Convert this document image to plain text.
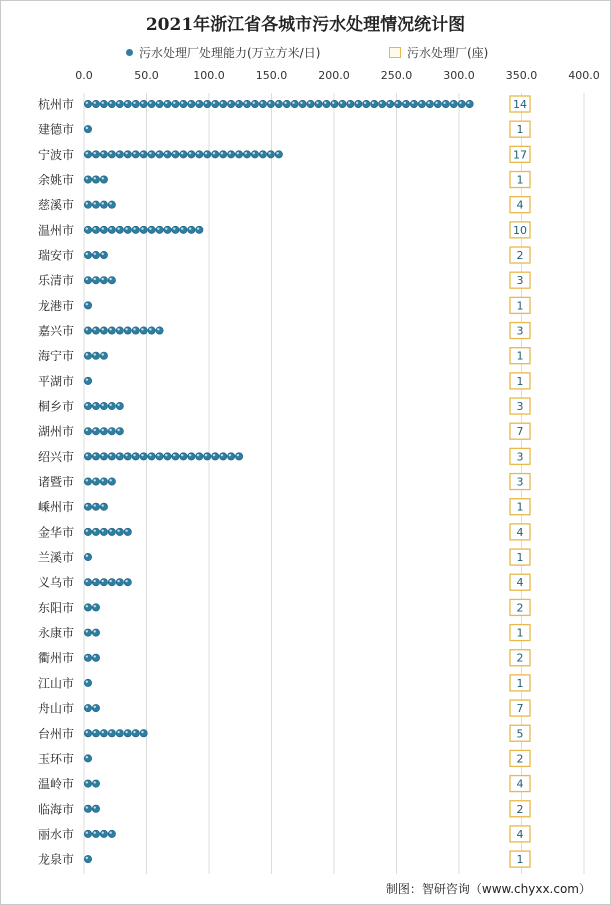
2021年浙江省各城市污水处理情况统计图
污水处理厂处理能力(万立方米/日)	污水处理厂(座)
0.0	50.0	100.0	150.0	200.0	250.0	300.0	350.0	400.0
杭州市	14
建德市	1
宁波市	17
余姚市	1
慈溪市	4
温州市	10
瑞安市	2
乐清市	3
龙港市	1
嘉兴市	3
海宁市	1
平湖市	1
桐乡市	3
湖州市	7
绍兴市	3
诸暨市	3
嵊州市	1
金华市	4
兰溪市	1
义乌市	4
东阳市	2
永康市	1
衢州市	2
江山市	1
舟山市	7
台州市	5
玉环市	2
温岭市	4
临海市	2
丽水市	4
龙泉市	1
制图：智研咨询（www.chyxx.com）
